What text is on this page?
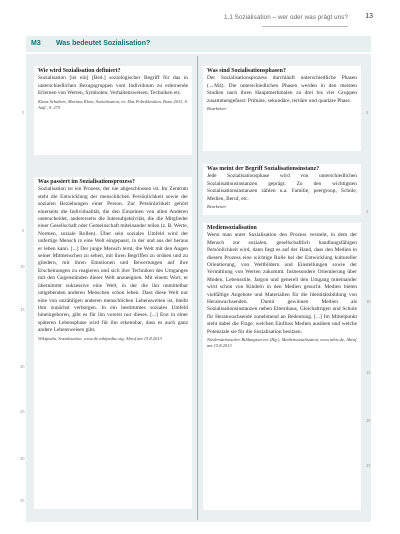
1.1 Sozialisation – wer oder was prägt uns? 13
M3 Was bedeutet Sozialisation?
Wie wird Sozialisation definiert?

Sozialisation [ist ein] [Bed.] soziologischer Begriff für das in unterschiedlichen Bezugsgruppen vom Individuum zu erlernende Erlernen von Werten, Symbolen, Verhaltensweisen, Techniken etc.

Klaus Schubert, Martina Klein, Sozialisation, in: Das Politiklexikon, Bonn 2011, S. Aufl., S. 275

Was passiert im Sozialisationsprozess?

Sozialisation ist ein Prozess, der nie abgeschlossen ist. Im Zentrum steht die Entwicklung der menschlichen Persönlichkeit sowie der sozialen Beziehungen einer Person. Zur Persönlichkeit gehört einerseits die Individualität, die den Einzelnen von allen Anderen unterscheidet, andererseits die Intersubjektivität, die die Mitglieder einer Gesellschaft oder Gemeinschaft miteinander teilen (z. B. Werte, Normen, soziale Rollen). Über sein soziales Umfeld wird der unfertige Mensch in eine Welt eingepasst, in der und aus der heraus er leben kann. [...] Der junge Mensch lernt, die Welt mit den Augen seiner Mitmenschen zu sehen, mit ihren Begriffen zu ordnen und zu gliedern, mit ihren Emotionen und Bewertungen auf ihre Erscheinungen zu reagieren und sich ihre Techniken des Umganges mit den Gegenständen dieser Welt anzueignen. Mit einem Wort, er übernimmt sukzessive eine Welt, in der die ihn unmittelbar umgebenden anderen Menschen schon leben. Dass diese Welt nur eine von unzähligen anderen menschlichen Lebenswelten ist, bleibt ihm zunächst verborgen. In ein bestimmtes soziales Umfeld hineingeboren, gibt es für ihn vorerst nur dieses. [...] Erst in einer späteren Lebensphase wird für ihn erkennbar, dass es auch ganz andere Lebensweisen gibt.

Wikipedia, Sozialisation, www.de.wikipedia.org, Abruf am 15.8.2013

Was sind Sozialisationsphasen?

Der Sozialisationsprozess durchläuft unterschiedliche Phasen (→M4). Die unterschiedlichen Phasen werden in den meisten Studien nach ihren Hauptmerkmalen zu drei bis vier Gruppen zusammengefasst: Primäre, sekundäre, tertiäre und quartäre Phase.

Bearbeiter

Was meint der Begriff Sozialisationsinstanz?

Jede Sozialisationsphase wird von unterschiedlichen Sozialisationsinstanzen geprägt. Zu den wichtigsten Sozialisationsinstanzen zählen u.a. Familie, peergroup, Schule, Medien, Beruf, etc.

Bearbeiter

Mediensozialisation

Wenn man unter Sozialisation den Prozess versteht, in dem der Mensch zur sozialen, gesellschaftlich handlungsfähigen Persönlichkeit wird, dann liegt es auf der Hand, dass den Medien in diesem Prozess eine wichtige Rolle bei der Entwicklung kultureller Orientierung, von Weltbildern und Einstellungen sowie der Vermittlung von Werten zukommt. Insbesondere Orientierung über Moden, Lebensstile, Jargon und generell den Umgang miteinander wird schon von Kindern in den Medien gesucht. Medien bieten vielfältige Angebote und Materialien für die Identitätsbildung von Heranwachsenden. Damit gewinnen Medien als Sozialisationsinstanzen neben Elternhaus, Gleichaltrigen und Schule für Heranwachsende zunehmend an Bedeutung. [...] Im Mittelpunkt steht dabei die Frage, welchen Einfluss Medien ausüben und welche Potenziale sie für die Sozialisation besitzen.

Niedersächsischer Bildungsserver (Hg.), Mediensozialisation, www.nibis.de, Abruf am 15.8.2013

5
5
10
15
20
25
30
35
5
5
10
15
20
25
